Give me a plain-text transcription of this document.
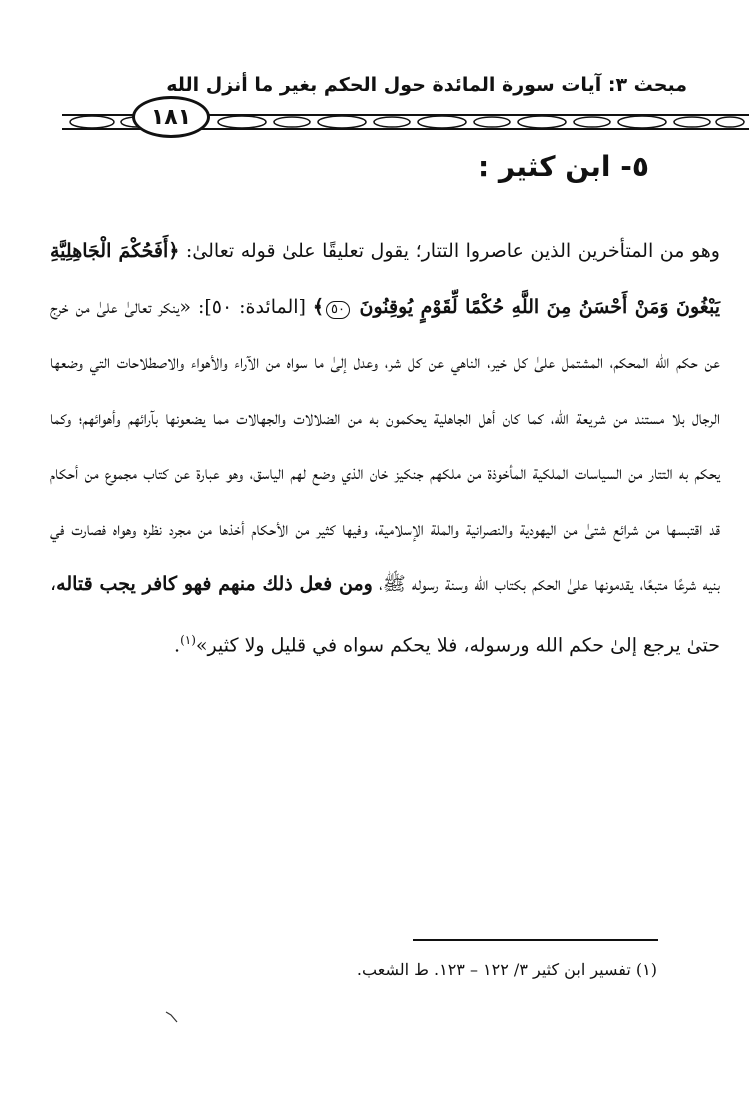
مبحث ٣: آيات سورة المائدة حول الحكم بغير ما أنزل الله
١٨١
٥- ابن كثير :

وهو من المتأخرين الذين عاصروا التتار؛ يقول تعليقًا علىٰ قوله تعالىٰ: ﴿أَفَحُكْمَ الْجَاهِلِيَّةِ يَبْغُونَ وَمَنْ أَحْسَنُ مِنَ اللَّهِ حُكْمًا لِّقَوْمٍ يُوقِنُونَ ٥٠﴾ [المائدة: ٥٠]: «ينكر تعالىٰ علىٰ من خرج عن حكم الله المحكم، المشتمل علىٰ كل خير، الناهي عن كل شر، وعدل إلىٰ ما سواه من الآراء والأهواء والاصطلاحات التي وضعها الرجال بلا مستند من شريعة الله، كما كان أهل الجاهلية يحكمون به من الضلالات والجهالات مما يضعونها بآرائهم وأهوائهم؛ وكما يحكم به التتار من السياسات الملكية المأخوذة من ملكهم جنكيز خان الذي وضع لهم الياسق، وهو عبارة عن كتاب مجموع من أحكام قد اقتبسها من شرائع شتىٰ من اليهودية والنصرانية والملة الإسلامية، وفيها كثير من الأحكام أخذها من مجرد نظره وهواه فصارت في بنيه شرعًا متبعًا، يقدمونها علىٰ الحكم بكتاب الله وسنة رسوله ﷺ، ومن فعل ذلك منهم فهو كافر يجب قتاله، حتىٰ يرجع إلىٰ حكم الله ورسوله، فلا يحكم سواه في قليل ولا كثير»$^{(١)}$.

(١) تفسير ابن كثير ٣/ ١٢٢ – ١٢٣. ط الشعب.
